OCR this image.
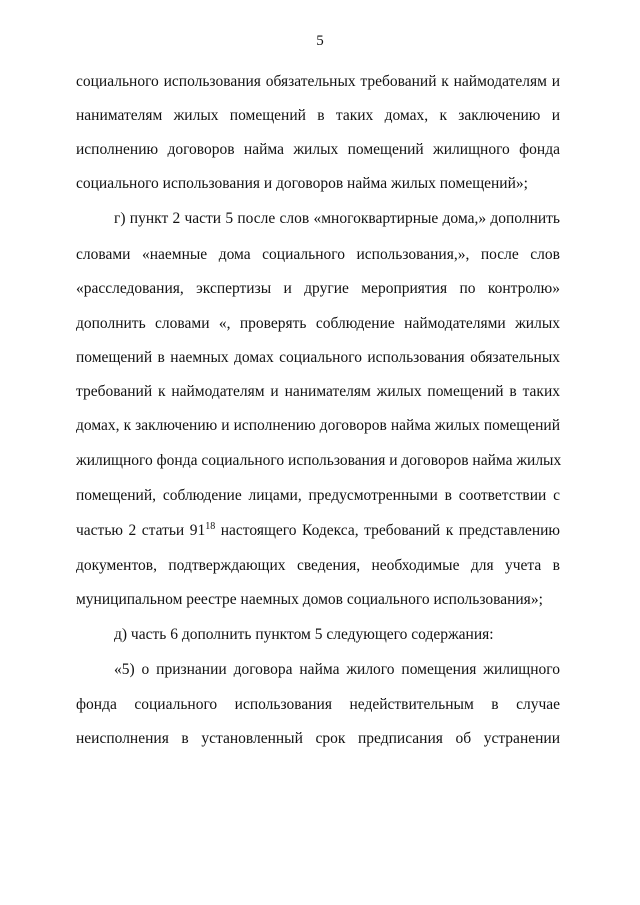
5
социального использования обязательных требований к наймодателям и
нанимателям жилых помещений в таких домах, к заключению и
исполнению договоров найма жилых помещений жилищного фонда
социального использования и договоров найма жилых помещений»;
г) пункт 2 части 5 после слов «многоквартирные дома,» дополнить
словами «наемные дома социального использования,», после слов
«расследования, экспертизы и другие мероприятия по контролю»
дополнить словами «, проверять соблюдение наймодателями жилых
помещений в наемных домах социального использования обязательных
требований к наймодателям и нанимателям жилых помещений в таких
домах, к заключению и исполнению договоров найма жилых помещений
жилищного фонда социального использования и договоров найма жилых
помещений, соблюдение лицами, предусмотренными в соответствии с
частью 2 статьи $91^{18}$ настоящего Кодекса, требований к представлению
документов, подтверждающих сведения, необходимые для учета в
муниципальном реестре наемных домов социального использования»;
д) часть 6 дополнить пунктом 5 следующего содержания:
«5) о признании договора найма жилого помещения жилищного
фонда социального использования недействительным в случае
неисполнения в установленный срок предписания об устранении
